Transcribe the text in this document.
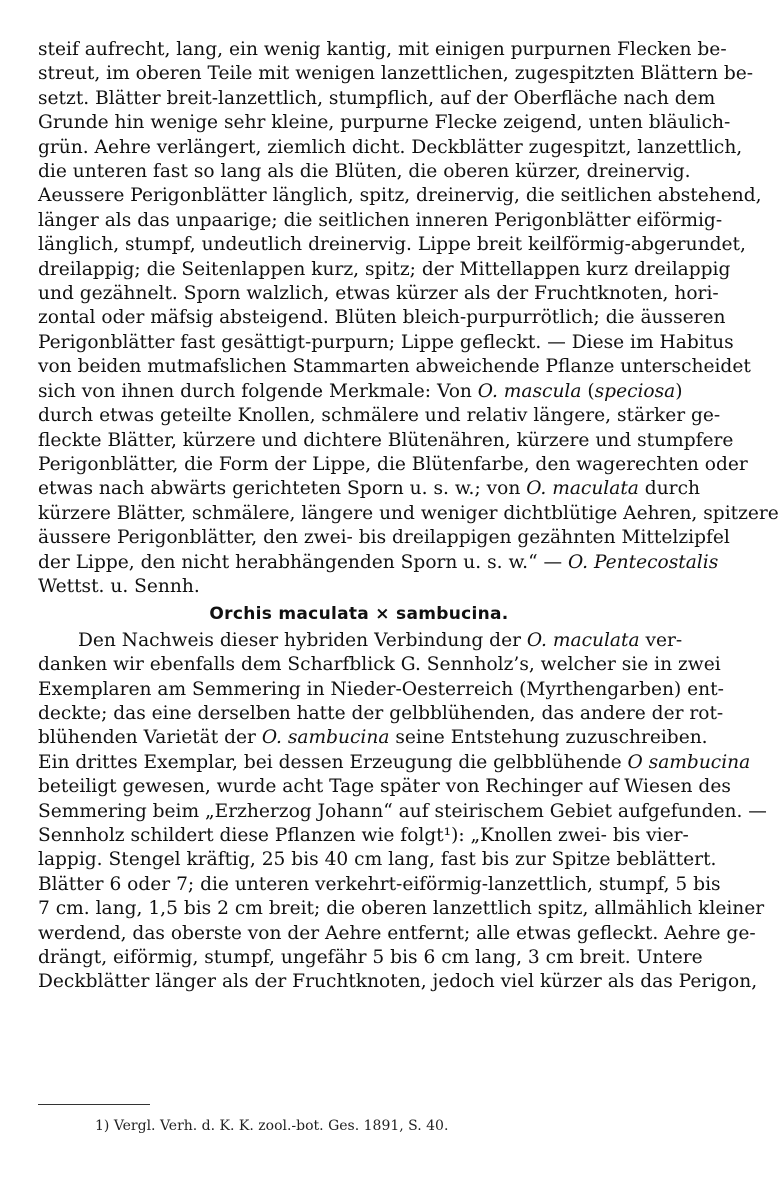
steif aufrecht, lang, ein wenig kantig, mit einigen purpurnen Flecken be-
streut, im oberen Teile mit wenigen lanzettlichen, zugespitzten Blättern be-
setzt. Blätter breit-lanzettlich, stumpflich, auf der Oberfläche nach dem
Grunde hin wenige sehr kleine, purpurne Flecke zeigend, unten bläulich-
grün. Aehre verlängert, ziemlich dicht. Deckblätter zugespitzt, lanzettlich,
die unteren fast so lang als die Blüten, die oberen kürzer, dreinervig.
Aeussere Perigonblätter länglich, spitz, dreinervig, die seitlichen abstehend,
länger als das unpaarige; die seitlichen inneren Perigonblätter eiförmig-
länglich, stumpf, undeutlich dreinervig. Lippe breit keilförmig-abgerundet,
dreilappig; die Seitenlappen kurz, spitz; der Mittellappen kurz dreilappig
und gezähnelt. Sporn walzlich, etwas kürzer als der Fruchtknoten, hori-
zontal oder mäfsig absteigend. Blüten bleich-purpurrötlich; die äusseren
Perigonblätter fast gesättigt-purpurn; Lippe gefleckt. — Diese im Habitus
von beiden mutmafslichen Stammarten abweichende Pflanze unterscheidet
sich von ihnen durch folgende Merkmale: Von O. mascula (speciosa)
durch etwas geteilte Knollen, schmälere und relativ längere, stärker ge-
fleckte Blätter, kürzere und dichtere Blütenähren, kürzere und stumpfere
Perigonblätter, die Form der Lippe, die Blütenfarbe, den wagerechten oder
etwas nach abwärts gerichteten Sporn u. s. w.; von O. maculata durch
kürzere Blätter, schmälere, längere und weniger dichtblütige Aehren, spitzere
äussere Perigonblätter, den zwei- bis dreilappigen gezähnten Mittelzipfel
der Lippe, den nicht herabhängenden Sporn u. s. w.“ — O. Pentecostalis
Wettst. u. Sennh.
Orchis maculata × sambucina.
Den Nachweis dieser hybriden Verbindung der O. maculata ver-
danken wir ebenfalls dem Scharfblick G. Sennholz’s, welcher sie in zwei
Exemplaren am Semmering in Nieder-Oesterreich (Myrthengarben) ent-
deckte; das eine derselben hatte der gelbblühenden, das andere der rot-
blühenden Varietät der O. sambucina seine Entstehung zuzuschreiben.
Ein drittes Exemplar, bei dessen Erzeugung die gelbblühende O sambucina
beteiligt gewesen, wurde acht Tage später von Rechinger auf Wiesen des
Semmering beim „Erzherzog Johann“ auf steirischem Gebiet aufgefunden. —
Sennholz schildert diese Pflanzen wie folgt¹): „Knollen zwei- bis vier-
lappig. Stengel kräftig, 25 bis 40 cm lang, fast bis zur Spitze beblättert.
Blätter 6 oder 7; die unteren verkehrt-eiförmig-lanzettlich, stumpf, 5 bis
7 cm. lang, 1,5 bis 2 cm breit; die oberen lanzettlich spitz, allmählich kleiner
werdend, das oberste von der Aehre entfernt; alle etwas gefleckt. Aehre ge-
drängt, eiförmig, stumpf, ungefähr 5 bis 6 cm lang, 3 cm breit. Untere
Deckblätter länger als der Fruchtknoten, jedoch viel kürzer als das Perigon,
1) Vergl. Verh. d. K. K. zool.-bot. Ges. 1891, S. 40.
